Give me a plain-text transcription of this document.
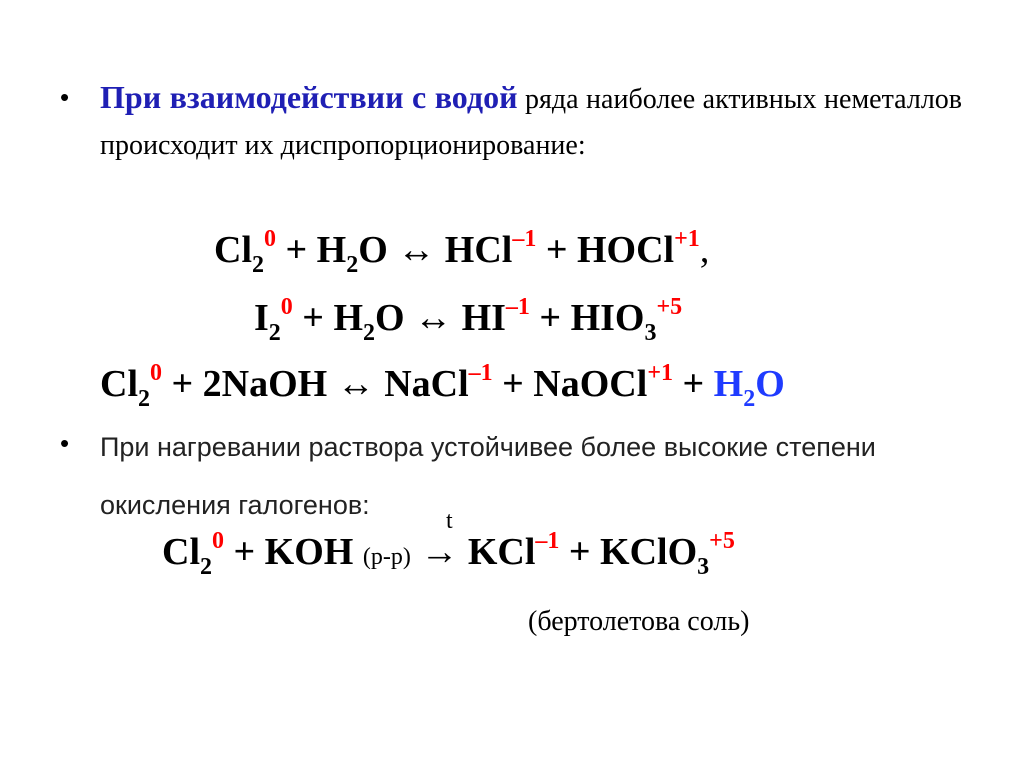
• При взаимодействии с водой ряда наиболее активных неметаллов происходит их диспропорционирование:
$Cl_2^0 + H_2O$ ↔ HCl$^{-1}$ + HOCl$^{+1}$,
$I_2^0 + H_2O$ ↔ $HI^{-1} + HIO_3^{+5}$
$Cl_2^0$ + 2NaOH ↔ NaCl$^{-1}$ + NaOCl$^{+1}$ + $H_2O$
• При нагревании раствора устойчивее более высокие степени окисления галогенов:
t
$Cl_2^0$ + KOH (р-р) → KCl$^{-1}$ + KClO$_3^{+5}$
(бертолетова соль)
